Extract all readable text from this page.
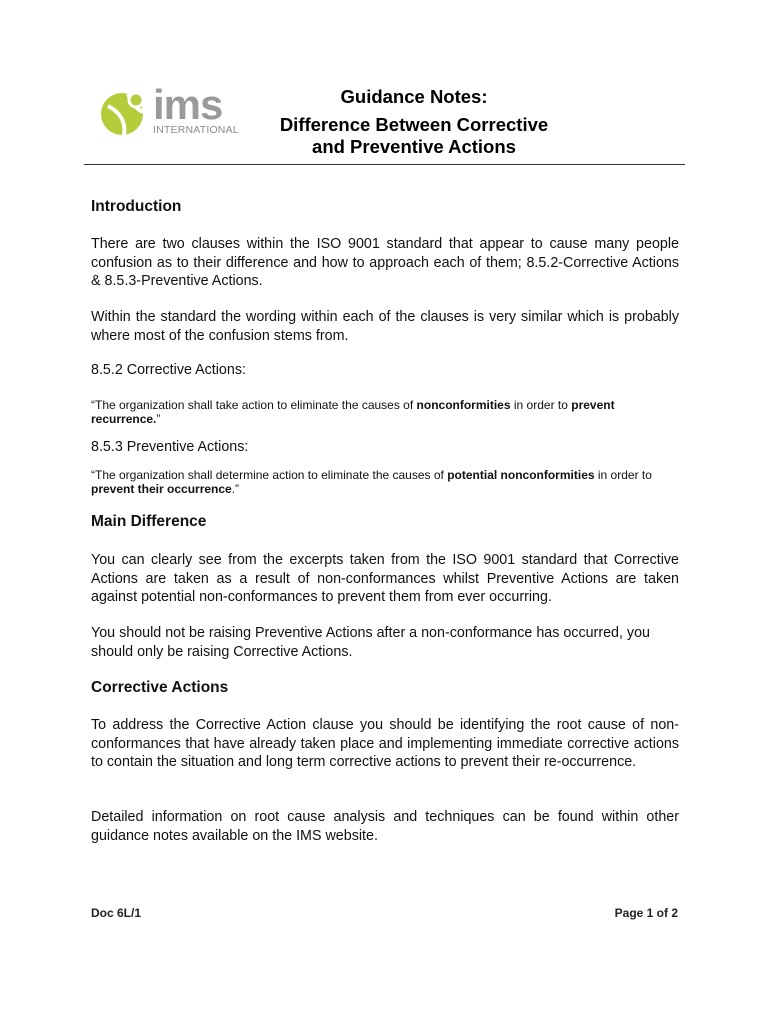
ims
INTERNATIONAL
Guidance Notes:
Difference Between Corrective
and Preventive Actions
Introduction

There are two clauses within the ISO 9001 standard that appear to cause many people confusion as to their difference and how to approach each of them; 8.5.2-Corrective Actions & 8.5.3-Preventive Actions.

Within the standard the wording within each of the clauses is very similar which is probably where most of the confusion stems from.

8.5.2 Corrective Actions:

“The organization shall take action to eliminate the causes of nonconformities in order to prevent recurrence.”

8.5.3 Preventive Actions:

“The organization shall determine action to eliminate the causes of potential nonconformities in order to prevent their occurrence.”

Main Difference

You can clearly see from the excerpts taken from the ISO 9001 standard that Corrective Actions are taken as a result of non-conformances whilst Preventive Actions are taken against potential non-conformances to prevent them from ever occurring.

You should not be raising Preventive Actions after a non-conformance has occurred, you should only be raising Corrective Actions.

Corrective Actions

To address the Corrective Action clause you should be identifying the root cause of non-conformances that have already taken place and implementing immediate corrective actions to contain the situation and long term corrective actions to prevent their re-occurrence.

Detailed information on root cause analysis and techniques can be found within other guidance notes available on the IMS website.

Doc 6L/1	Page 1 of 2
